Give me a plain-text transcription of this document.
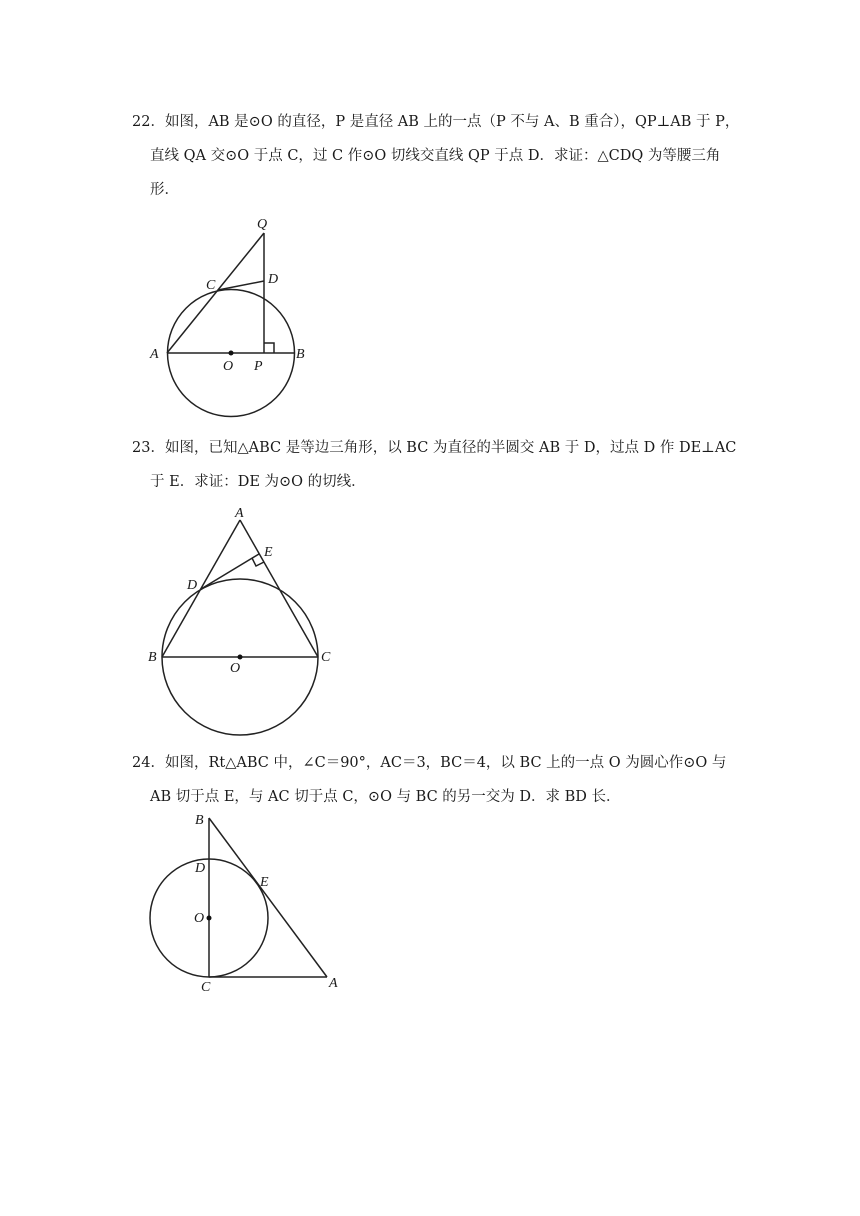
22．如图，AB 是⊙O 的直径，P 是直径 AB 上的一点（P 不与 A、B 重合），QP⊥AB 于 P，
直线 QA 交⊙O 于点 C，过 C 作⊙O 切线交直线 QP 于点 D．求证：△CDQ 为等腰三角
形．
Q
C	D
A
O P
B
23．如图，已知△ABC 是等边三角形，以 BC 为直径的半圆交 AB 于 D，过点 D 作 DE⊥AC
于 E．求证：DE 为⊙O 的切线．
A
E
D
B
O
C
24．如图，Rt△ABC 中，∠C＝90°，AC＝3，BC＝4，以 BC 上的一点 O 为圆心作⊙O 与
AB 切于点 E，与 AC 切于点 C，⊙O 与 BC 的另一交为 D．求 BD 长．
B
D
E
O
C	A
